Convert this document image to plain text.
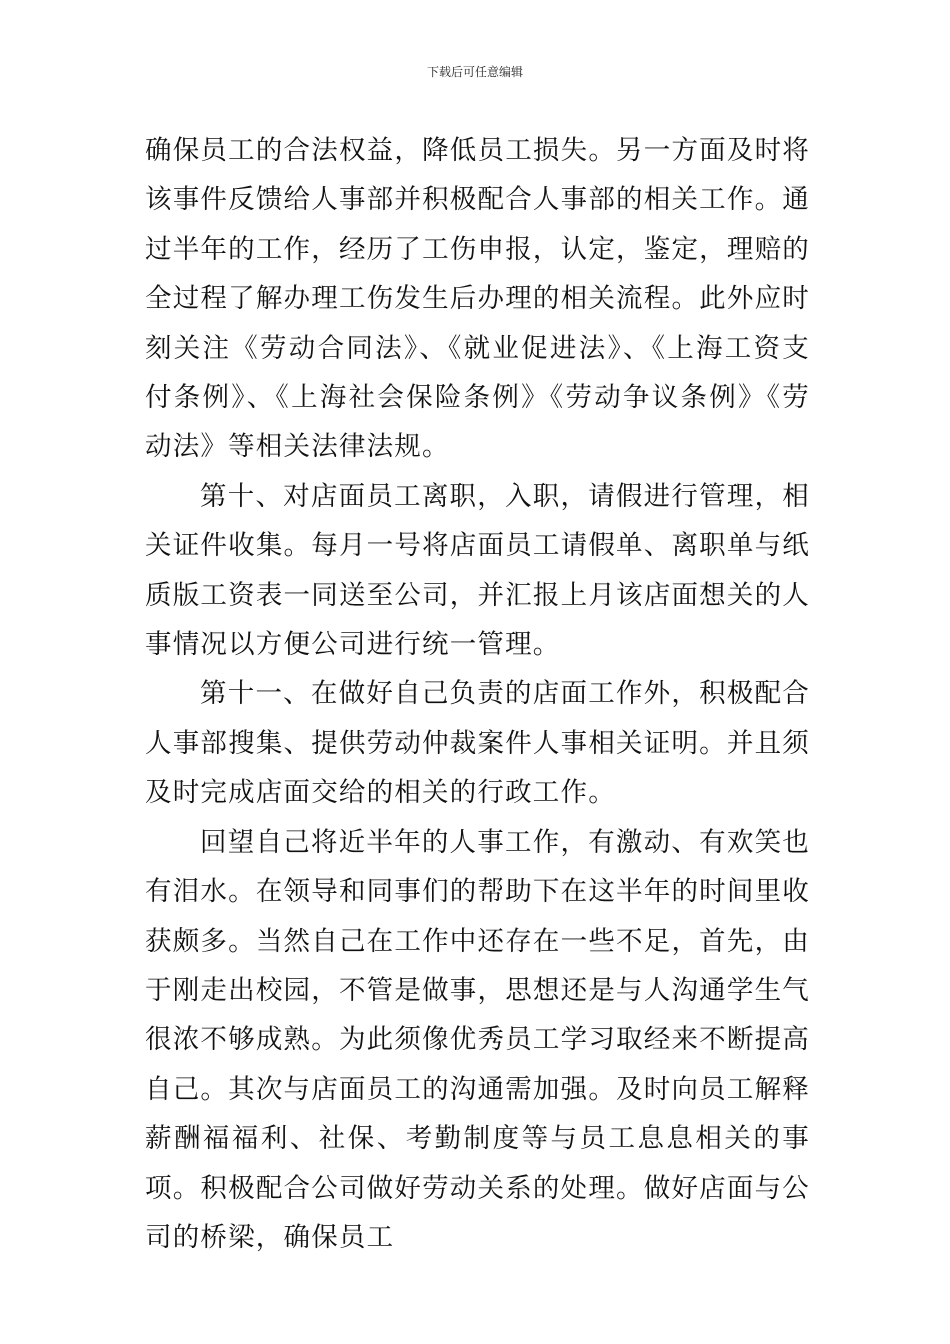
下载后可任意编辑

确保员工的合法权益，降低员工损失。另一方面及时将该事件反馈给人事部并积极配合人事部的相关工作。通过半年的工作，经历了工伤申报，认定，鉴定，理赔的全过程了解办理工伤发生后办理的相关流程。此外应时刻关注《劳动合同法》、《就业促进法》、《上海工资支付条例》、《上海社会保险条例》《劳动争议条例》《劳动法》等相关法律法规。

第十、对店面员工离职，入职，请假进行管理，相关证件收集。每月一号将店面员工请假单、离职单与纸质版工资表一同送至公司，并汇报上月该店面想关的人事情况以方便公司进行统一管理。

第十一、在做好自己负责的店面工作外，积极配合人事部搜集、提供劳动仲裁案件人事相关证明。并且须及时完成店面交给的相关的行政工作。

回望自己将近半年的人事工作，有激动、有欢笑也有泪水。在领导和同事们的帮助下在这半年的时间里收获颇多。当然自己在工作中还存在一些不足，首先，由于刚走出校园，不管是做事，思想还是与人沟通学生气很浓不够成熟。为此须像优秀员工学习取经来不断提高自己。其次与店面员工的沟通需加强。及时向员工解释薪酬福福利、社保、考勤制度等与员工息息相关的事项。积极配合公司做好劳动关系的处理。做好店面与公司的桥梁，确保员工
